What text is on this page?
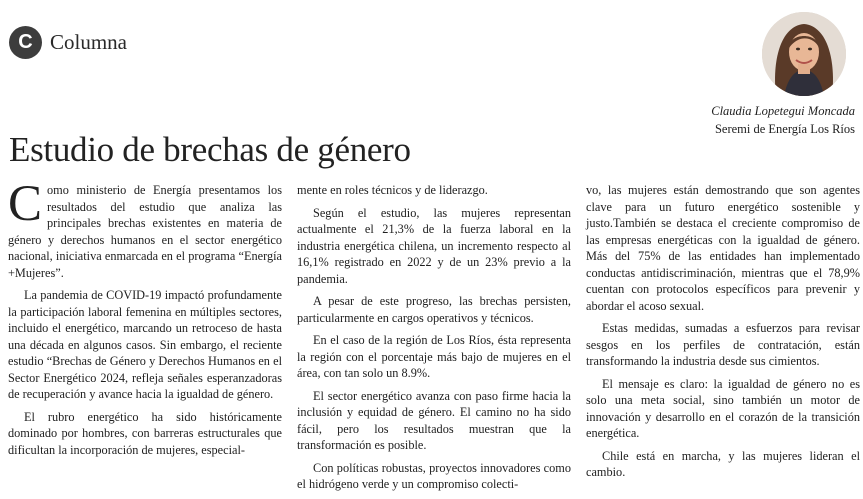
C Columna
Claudia Lopetegui Moncada
Seremi de Energía Los Ríos
Estudio de brechas de género

Como ministerio de Energía presentamos los resultados del estudio que analiza las principales brechas existentes en materia de género y derechos humanos en el sector energético nacional, iniciativa enmarcada en el programa “Energía +Mujeres”.

La pandemia de COVID-19 impactó profundamente la participación laboral femenina en múltiples sectores, incluido el energético, marcando un retroceso de hasta una década en algunos casos. Sin embargo, el reciente estudio “Brechas de Género y Derechos Humanos en el Sector Energético 2024, refleja señales esperanzadoras de recuperación y avance hacia la igualdad de género.

El rubro energético ha sido históricamente dominado por hombres, con barreras estructurales que dificultan la incorporación de mujeres, especial-

mente en roles técnicos y de liderazgo.

Según el estudio, las mujeres representan actualmente el 21,3% de la fuerza laboral en la industria energética chilena, un incremento respecto al 16,1% registrado en 2022 y de un 23% previo a la pandemia.

A pesar de este progreso, las brechas persisten, particularmente en cargos operativos y técnicos.

En el caso de la región de Los Ríos, ésta representa la región con el porcentaje más bajo de mujeres en el área, con tan solo un 8.9%.

El sector energético avanza con paso firme hacia la inclusión y equidad de género. El camino no ha sido fácil, pero los resultados muestran que la transformación es posible.

Con políticas robustas, proyectos innovadores como el hidrógeno verde y un compromiso colecti-

vo, las mujeres están demostrando que son agentes clave para un futuro energético sostenible y justo.También se destaca el creciente compromiso de las empresas energéticas con la igualdad de género. Más del 75% de las entidades han implementado conductas antidiscriminación, mientras que el 78,9% cuentan con protocolos específicos para prevenir y abordar el acoso sexual.

Estas medidas, sumadas a esfuerzos para revisar sesgos en los perfiles de contratación, están transformando la industria desde sus cimientos.

El mensaje es claro: la igualdad de género no es solo una meta social, sino también un motor de innovación y desarrollo en el corazón de la transición energética.

Chile está en marcha, y las mujeres lideran el cambio.
